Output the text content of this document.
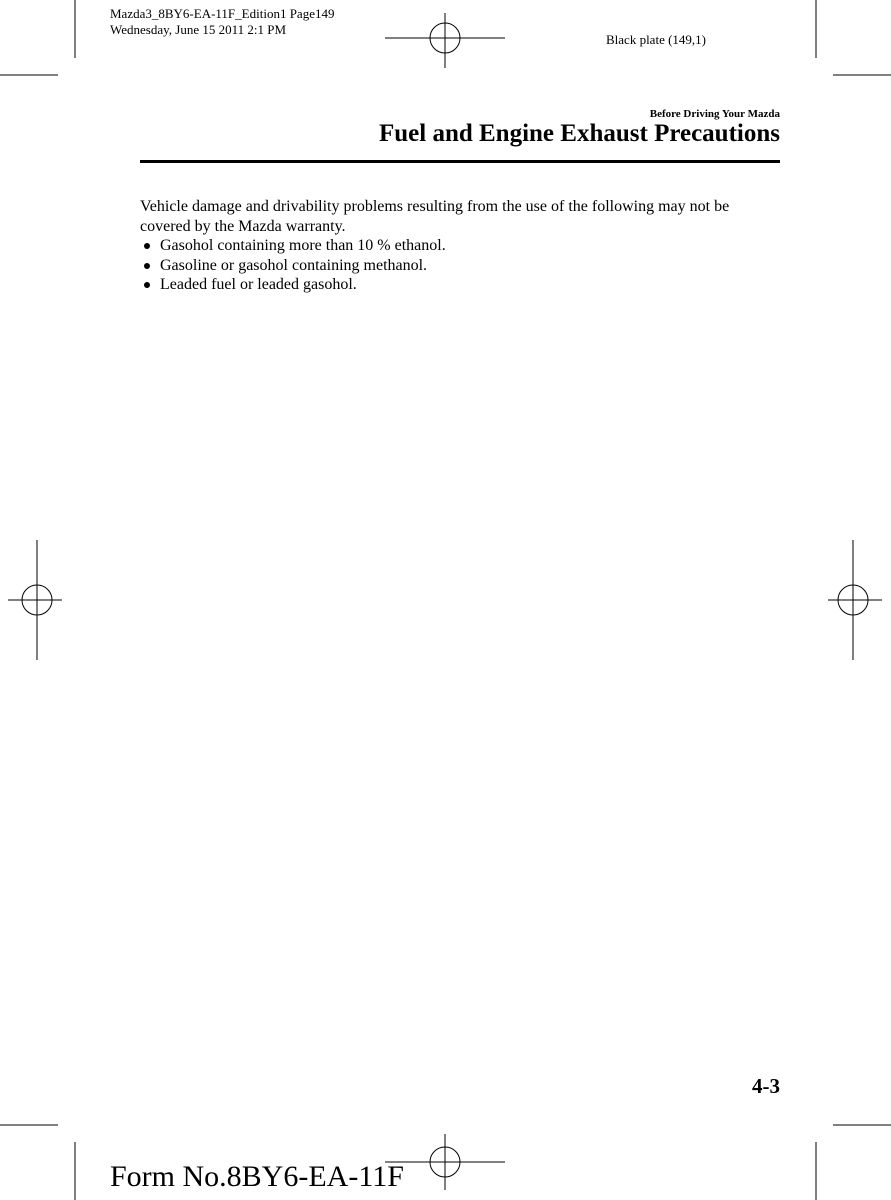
Mazda3_8BY6-EA-11F_Edition1 Page149
Wednesday, June 15 2011 2:1 PM
Black plate (149,1)
Before Driving Your Mazda
Fuel and Engine Exhaust Precautions

Vehicle damage and drivability problems resulting from the use of the following may not be covered by the Mazda warranty.

Gasohol containing more than 10 % ethanol.
Gasoline or gasohol containing methanol.
Leaded fuel or leaded gasohol.
4-3
Form No.8BY6-EA-11F
